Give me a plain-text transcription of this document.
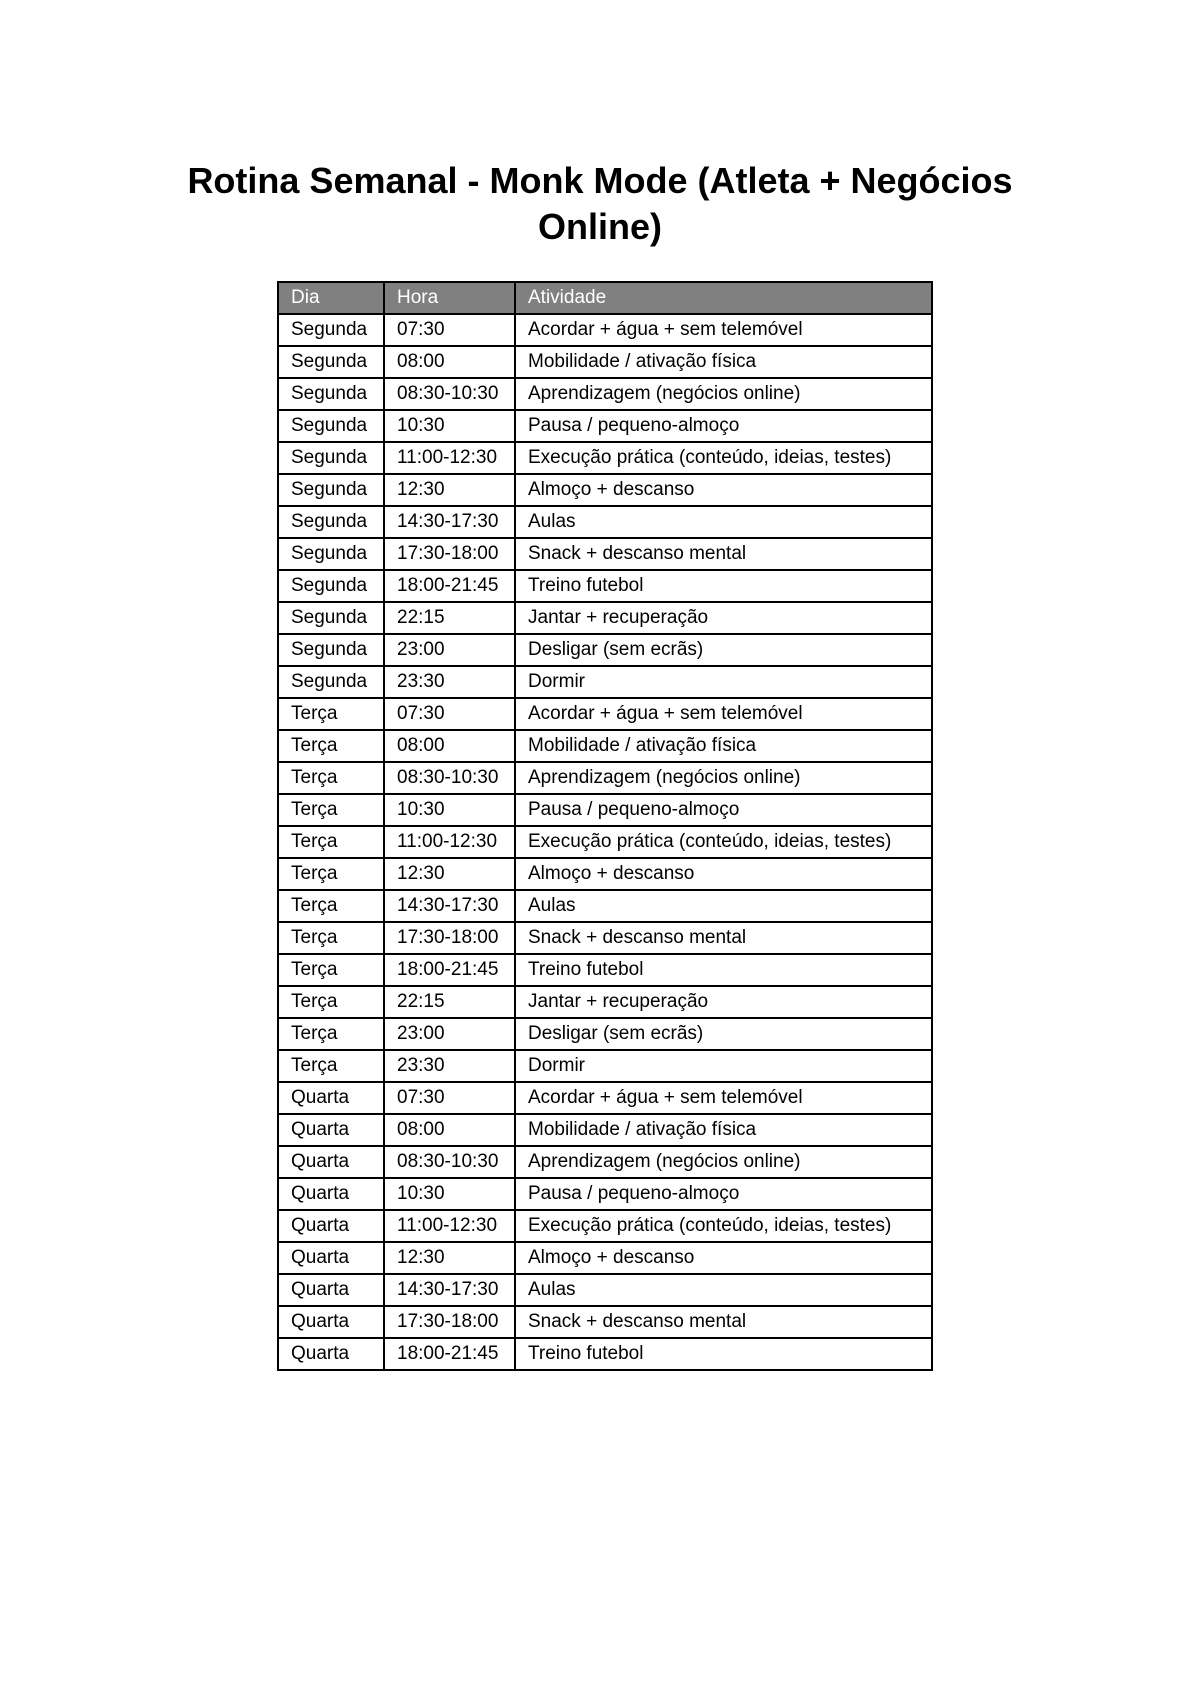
Rotina Semanal - Monk Mode (Atleta + Negócios Online)
Dia	Hora	Atividade
Segunda	07:30	Acordar + água + sem telemóvel
Segunda	08:00	Mobilidade / ativação física
Segunda	08:30-10:30	Aprendizagem (negócios online)
Segunda	10:30	Pausa / pequeno-almoço
Segunda	11:00-12:30	Execução prática (conteúdo, ideias, testes)
Segunda	12:30	Almoço + descanso
Segunda	14:30-17:30	Aulas
Segunda	17:30-18:00	Snack + descanso mental
Segunda	18:00-21:45	Treino futebol
Segunda	22:15	Jantar + recuperação
Segunda	23:00	Desligar (sem ecrãs)
Segunda	23:30	Dormir
Terça	07:30	Acordar + água + sem telemóvel
Terça	08:00	Mobilidade / ativação física
Terça	08:30-10:30	Aprendizagem (negócios online)
Terça	10:30	Pausa / pequeno-almoço
Terça	11:00-12:30	Execução prática (conteúdo, ideias, testes)
Terça	12:30	Almoço + descanso
Terça	14:30-17:30	Aulas
Terça	17:30-18:00	Snack + descanso mental
Terça	18:00-21:45	Treino futebol
Terça	22:15	Jantar + recuperação
Terça	23:00	Desligar (sem ecrãs)
Terça	23:30	Dormir
Quarta	07:30	Acordar + água + sem telemóvel
Quarta	08:00	Mobilidade / ativação física
Quarta	08:30-10:30	Aprendizagem (negócios online)
Quarta	10:30	Pausa / pequeno-almoço
Quarta	11:00-12:30	Execução prática (conteúdo, ideias, testes)
Quarta	12:30	Almoço + descanso
Quarta	14:30-17:30	Aulas
Quarta	17:30-18:00	Snack + descanso mental
Quarta	18:00-21:45	Treino futebol
